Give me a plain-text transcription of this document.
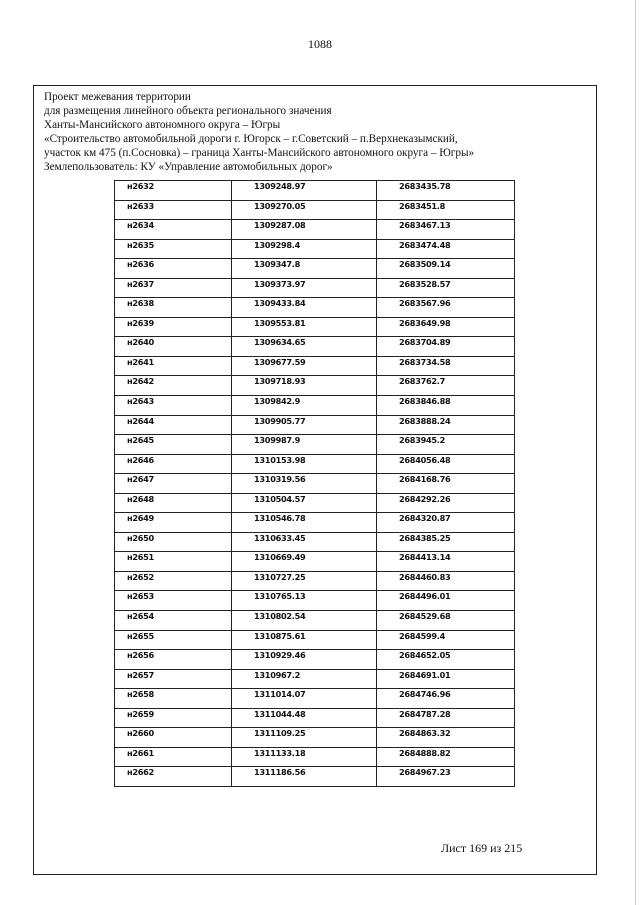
1088
Проект межевания территории
для размещения линейного объекта регионального значения
Ханты-Мансийского автономного округа – Югры
«Строительство автомобильной дороги г. Югорск – г.Советский – п.Верхнеказымский,
участок км 475 (п.Сосновка) – граница Ханты-Мансийского автономного округа – Югры»
Землепользователь: КУ «Управление автомобильных дорог»
н2632	1309248.97	2683435.78
н2633	1309270.05	2683451.8
н2634	1309287.08	2683467.13
н2635	1309298.4	2683474.48
н2636	1309347.8	2683509.14
н2637	1309373.97	2683528.57
н2638	1309433.84	2683567.96
н2639	1309553.81	2683649.98
н2640	1309634.65	2683704.89
н2641	1309677.59	2683734.58
н2642	1309718.93	2683762.7
н2643	1309842.9	2683846.88
н2644	1309905.77	2683888.24
н2645	1309987.9	2683945.2
н2646	1310153.98	2684056.48
н2647	1310319.56	2684168.76
н2648	1310504.57	2684292.26
н2649	1310546.78	2684320.87
н2650	1310633.45	2684385.25
н2651	1310669.49	2684413.14
н2652	1310727.25	2684460.83
н2653	1310765.13	2684496.01
н2654	1310802.54	2684529.68
н2655	1310875.61	2684599.4
н2656	1310929.46	2684652.05
н2657	1310967.2	2684691.01
н2658	1311014.07	2684746.96
н2659	1311044.48	2684787.28
н2660	1311109.25	2684863.32
н2661	1311133.18	2684888.82
н2662	1311186.56	2684967.23
Лист 169 из 215
